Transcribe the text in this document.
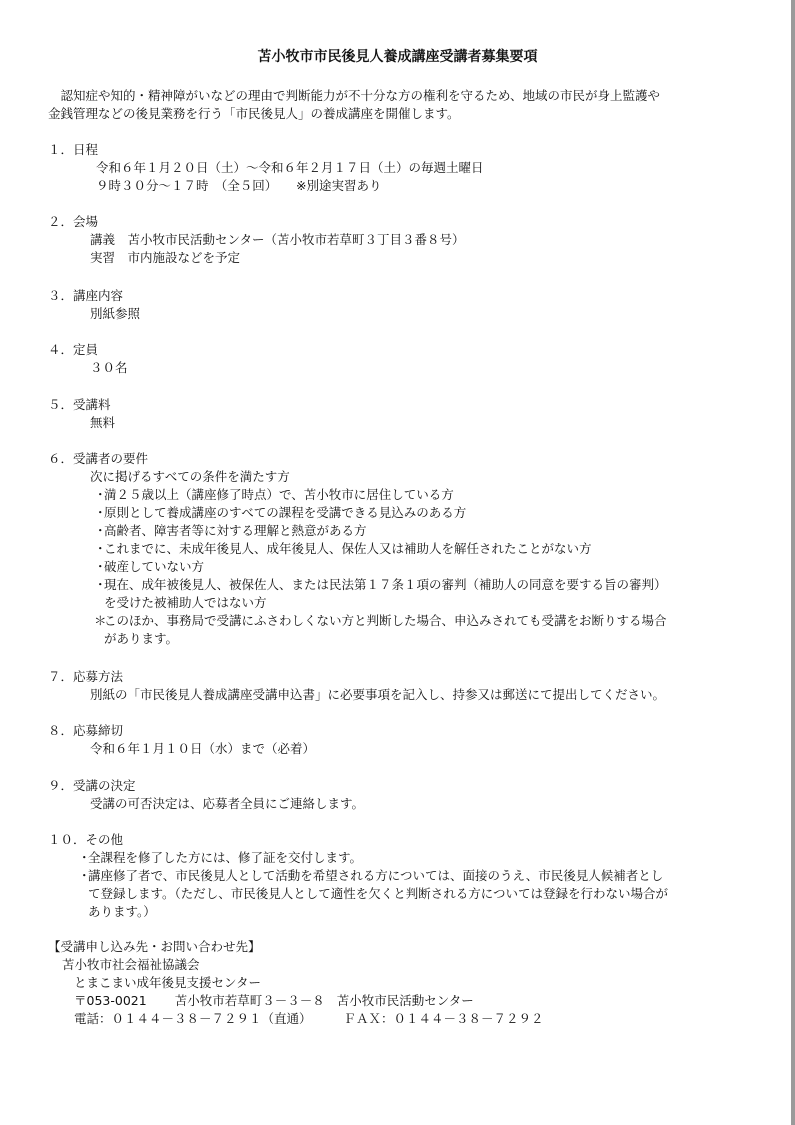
苫小牧市市民後見人養成講座受講者募集要項
　認知症や知的・精神障がいなどの理由で判断能力が不十分な方の権利を守るため、地域の市民が身上監護や
金銭管理などの後見業務を行う「市民後見人」の養成講座を開催します。
１．日程
令和６年１月２０日（土）～令和６年２月１７日（土）の毎週土曜日
９時３０分～１７時　（全５回）　　※別途実習あり
２．会場
講義　苫小牧市民活動センター（苫小牧市若草町３丁目３番８号）
実習　市内施設などを予定
３．講座内容
別紙参照
４．定員
３０名
５．受講料
無料
６．受講者の要件
次に掲げるすべての条件を満たす方
・
満２５歳以上（講座修了時点）で、苫小牧市に居住している方
・
原則として養成講座のすべての課程を受講できる見込みのある方
・
高齢者、障害者等に対する理解と熱意がある方
・
これまでに、未成年後見人、成年後見人、保佐人又は補助人を解任されたことがない方
・
破産していない方
・
現在、成年被後見人、被保佐人、または民法第１７条１項の審判（補助人の同意を要する旨の審判）
を受けた被補助人ではない方
＊
このほか、事務局で受講にふさわしくない方と判断した場合、申込みされても受講をお断りする場合
があります。
７．応募方法
別紙の「市民後見人養成講座受講申込書」に必要事項を記入し、持参又は郵送にて提出してください。
８．応募締切
令和６年１月１０日（水）まで（必着）
９．受講の決定
受講の可否決定は、応募者全員にご連絡します。
１０．その他
・
全課程を修了した方には、修了証を交付します。
・
講座修了者で、市民後見人として活動を希望される方については、面接のうえ、市民後見人候補者とし
て登録します。（ただし、市民後見人として適性を欠くと判断される方については登録を行わない場合が
あります。）
【受講申し込み先・お問い合わせ先】
苫小牧市社会福祉協議会
とまこまい成年後見支援センター
〒053-0021 苫小牧市若草町３－３－８ 苫小牧市民活動センター
電話：０１４４－３８－７２９１（直通）	ＦＡＸ：０１４４－３８－７２９２
